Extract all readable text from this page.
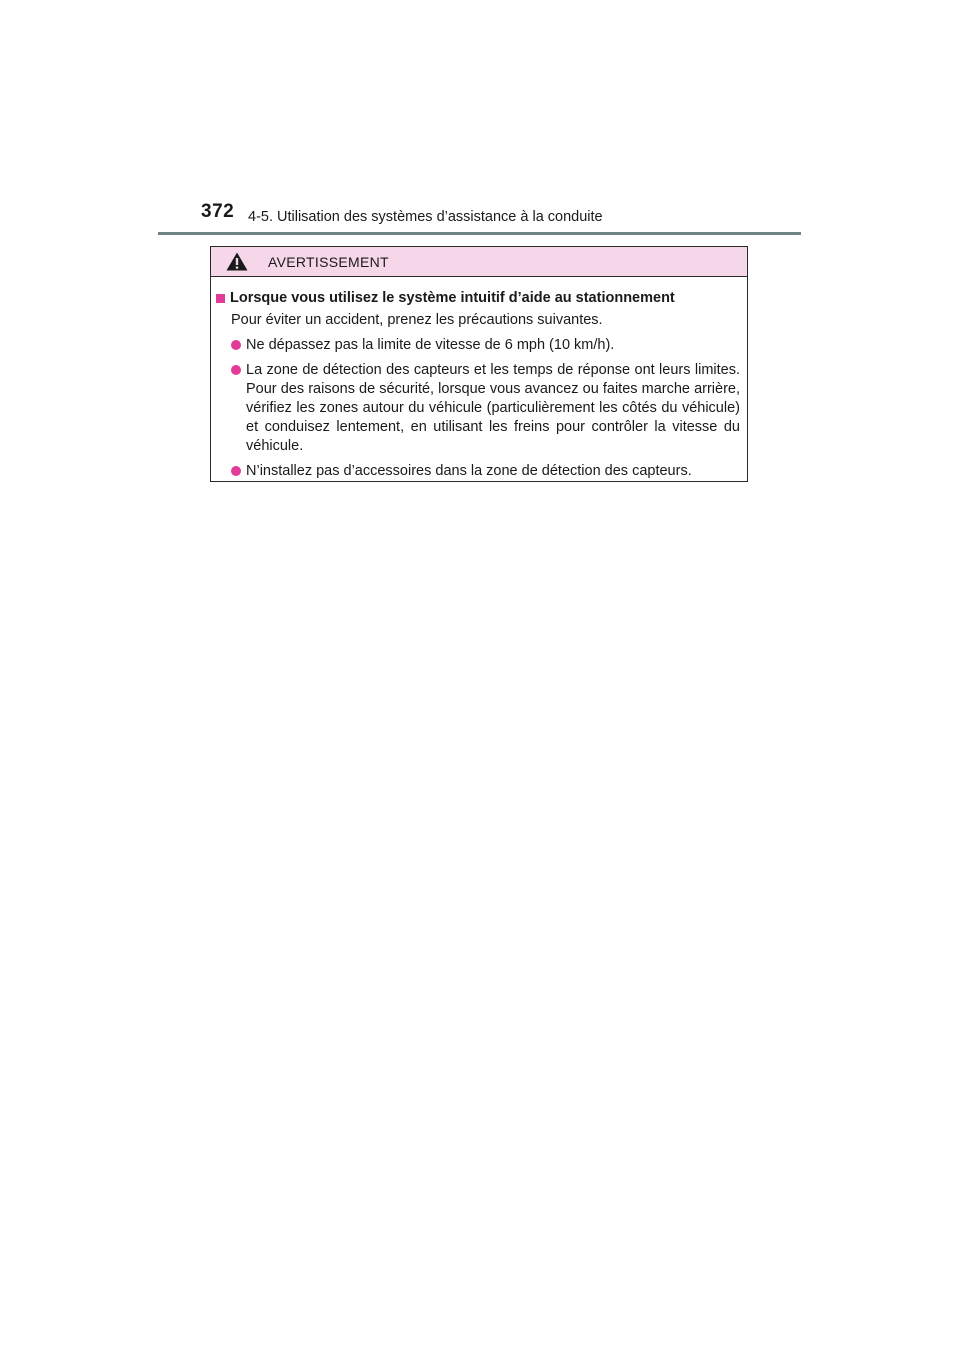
372 4-5. Utilisation des systèmes d’assistance à la conduite
AVERTISSEMENT
Lorsque vous utilisez le système intuitif d’aide au stationnement
Pour éviter un accident, prenez les précautions suivantes.
Ne dépassez pas la limite de vitesse de 6 mph (10 km/h).
La zone de détection des capteurs et les temps de réponse ont leurs limites. Pour des raisons de sécurité, lorsque vous avancez ou faites marche arrière, vérifiez les zones autour du véhicule (particulièrement les côtés du véhicule) et conduisez lentement, en utilisant les freins pour contrôler la vitesse du véhicule.
N’installez pas d’accessoires dans la zone de détection des capteurs.
